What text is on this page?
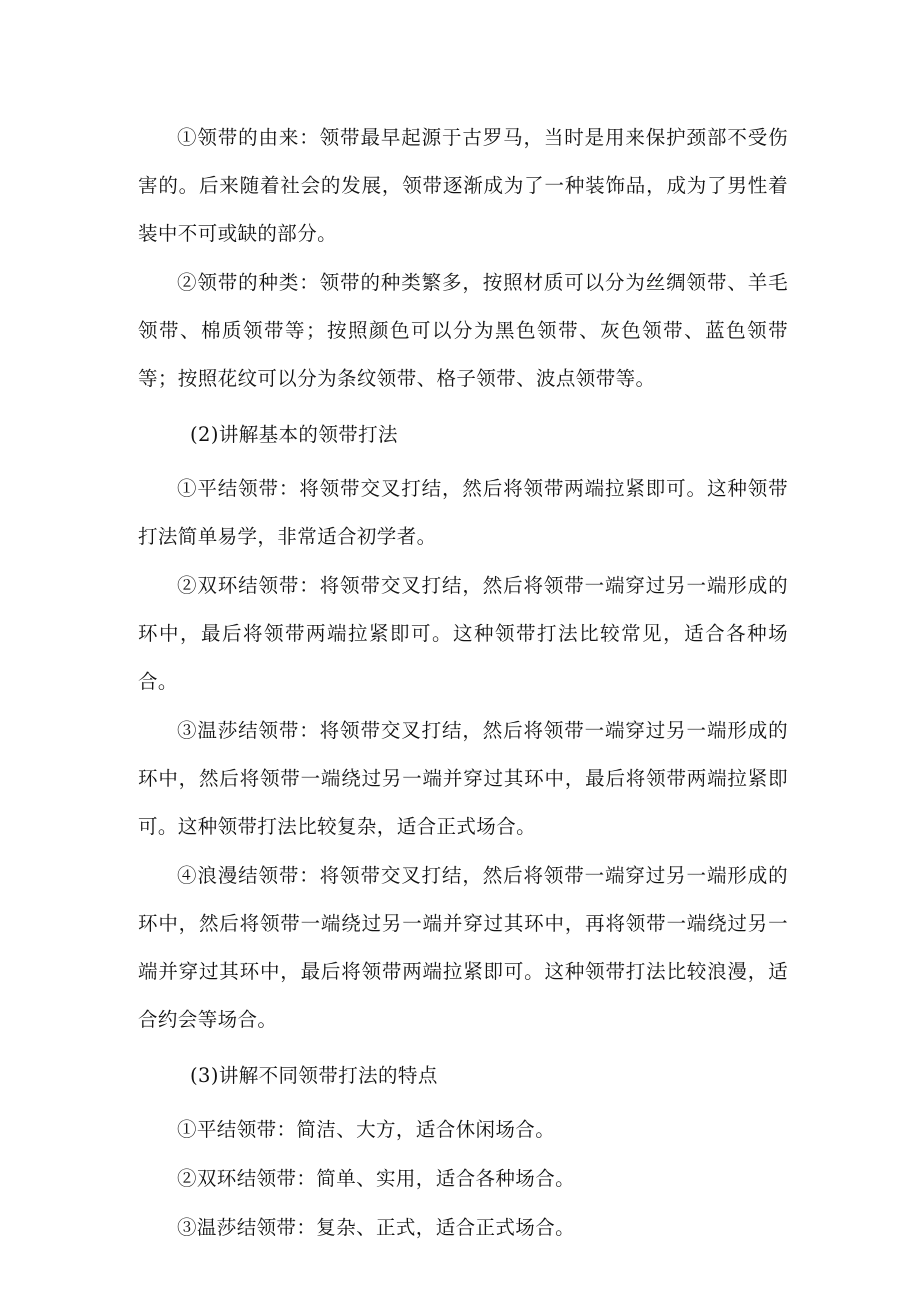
①领带的由来：领带最早起源于古罗马，当时是用来保护颈部不受伤害的。后来随着社会的发展，领带逐渐成为了一种装饰品，成为了男性着装中不可或缺的部分。

②领带的种类：领带的种类繁多，按照材质可以分为丝绸领带、羊毛领带、棉质领带等；按照颜色可以分为黑色领带、灰色领带、蓝色领带等；按照花纹可以分为条纹领带、格子领带、波点领带等。

(2)讲解基本的领带打法

①平结领带：将领带交叉打结，然后将领带两端拉紧即可。这种领带打法简单易学，非常适合初学者。

②双环结领带：将领带交叉打结，然后将领带一端穿过另一端形成的环中，最后将领带两端拉紧即可。这种领带打法比较常见，适合各种场合。

③温莎结领带：将领带交叉打结，然后将领带一端穿过另一端形成的环中，然后将领带一端绕过另一端并穿过其环中，最后将领带两端拉紧即可。这种领带打法比较复杂，适合正式场合。

④浪漫结领带：将领带交叉打结，然后将领带一端穿过另一端形成的环中，然后将领带一端绕过另一端并穿过其环中，再将领带一端绕过另一端并穿过其环中，最后将领带两端拉紧即可。这种领带打法比较浪漫，适合约会等场合。

(3)讲解不同领带打法的特点

①平结领带：简洁、大方，适合休闲场合。

②双环结领带：简单、实用，适合各种场合。

③温莎结领带：复杂、正式，适合正式场合。
